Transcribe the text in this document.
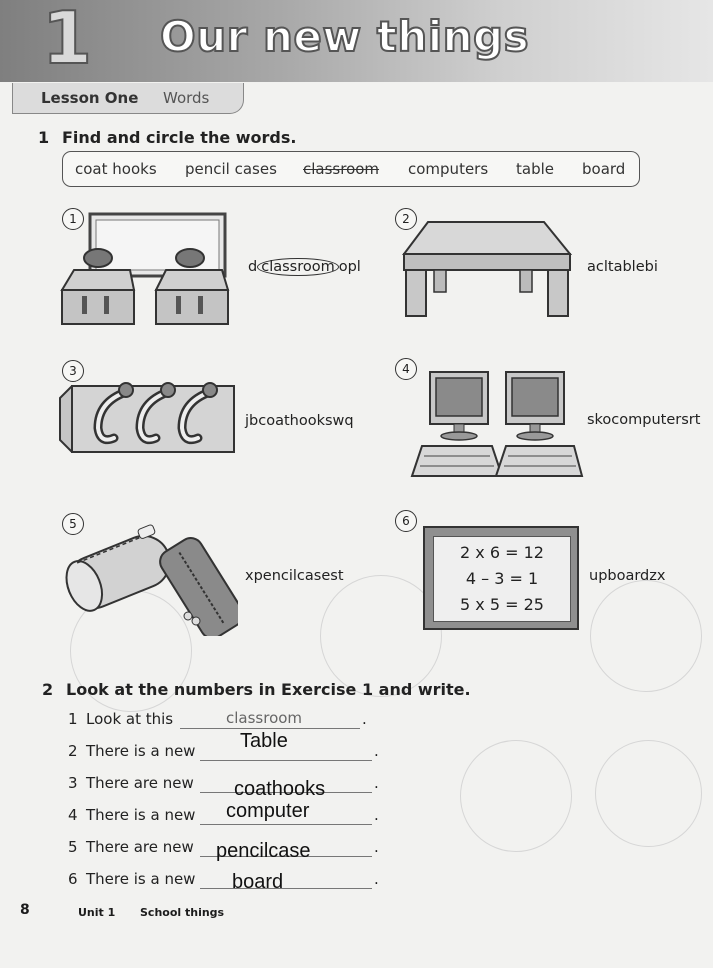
1 Our new things
Lesson One Words
1 Find and circle the words.
coat hooks pencil cases classroom computers table board
1	2
3	4
5	6
d classroom opl	acltablebi
jbcoathookswq	skocomputersrt
xpencilcasest
2 x 6 = 12
4 – 3 = 1
5 x 5 = 25
upboardzx
2 Look at the numbers in Exercise 1 and write.
1 Look at this	classroom	.
2 There is a new Table	.
3 There are new coathooks	.
4 There is a new computer	.
5 There are new pencilcase	.
6 There is a new board	.
8	Unit 1 School things
